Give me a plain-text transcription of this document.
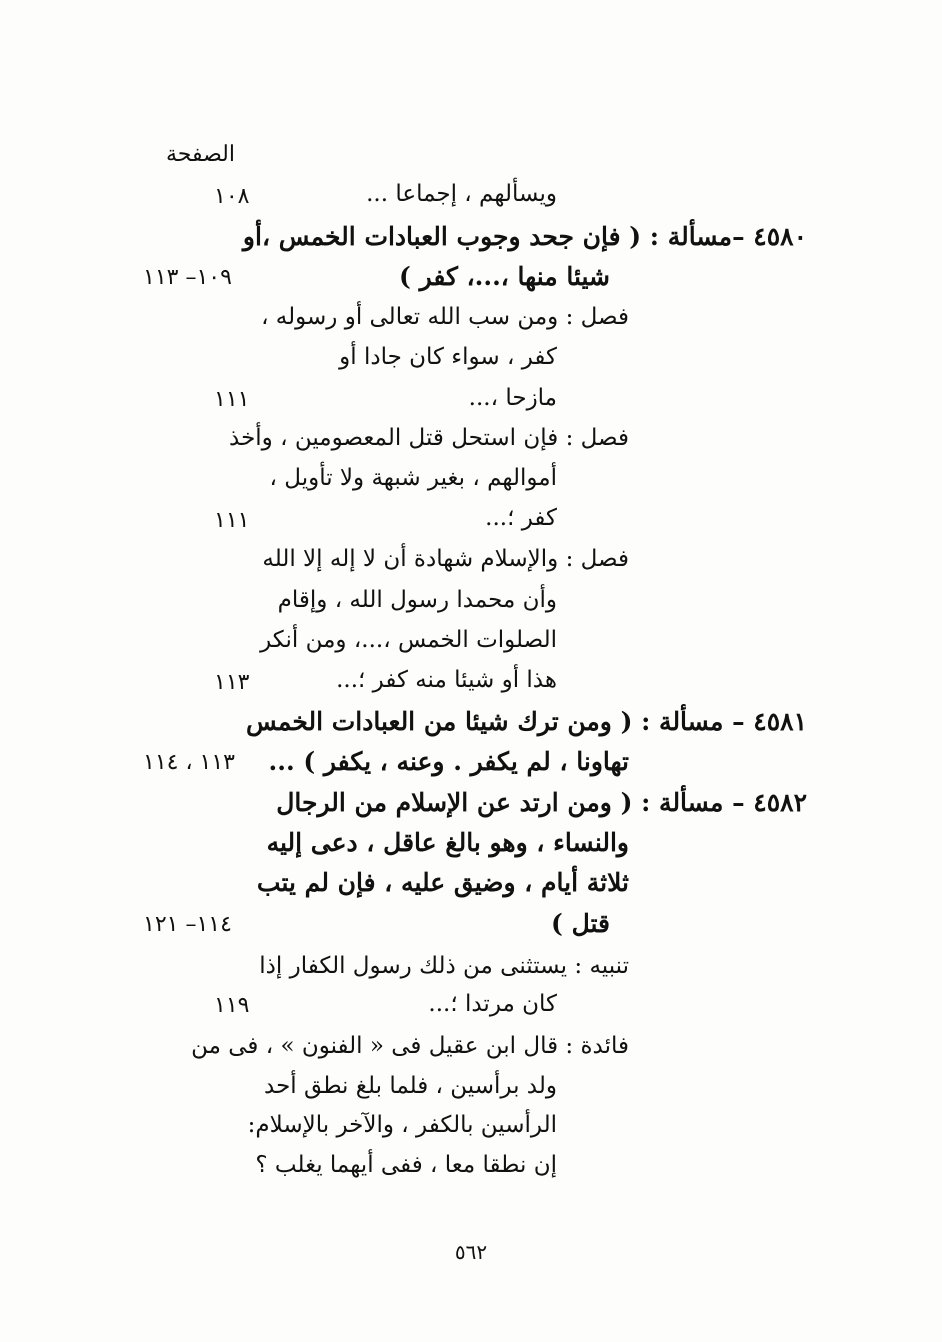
الصفحة
ويسألهم ، إجماعا ...
١٠٨
٤٥٨٠ –مسألة : ( فإن جحد وجوب العبادات الخمس ،أو
شيئا منها ،...، كفر )
١٠٩– ١١٣
فصل : ومن سب الله تعالى أو رسوله ،
كفر ، سواء كان جادا أو
مازحا ،...
١١١
فصل : فإن استحل قتل المعصومين ، وأخذ
أموالهم ، بغير شبهة ولا تأويل ،
كفر ؛...
١١١
فصل : والإسلام شهادة أن لا إله إلا الله
وأن محمدا رسول الله ، وإقام
الصلوات الخمس ،...، ومن أنكر
هذا أو شيئا منه كفر ؛...
١١٣
٤٥٨١ – مسألة : ( ومن ترك شيئا من العبادات الخمس
تهاونا ، لم يكفر . وعنه ، يكفر ) ...
١١٣ ، ١١٤
٤٥٨٢ – مسألة : ( ومن ارتد عن الإسلام من الرجال
والنساء ، وهو بالغ عاقل ، دعى إليه
ثلاثة أيام ، وضيق عليه ، فإن لم يتب
قتل )
١١٤– ١٢١
تنبيه : يستثنى من ذلك رسول الكفار إذا
كان مرتدا ؛...
١١٩
فائدة : قال ابن عقيل فى « الفنون » ، فى من
ولد برأسين ، فلما بلغ نطق أحد
الرأسين بالكفر ، والآخر بالإسلام:
إن نطقا معا ، ففى أيهما يغلب ؟
٥٦٢
